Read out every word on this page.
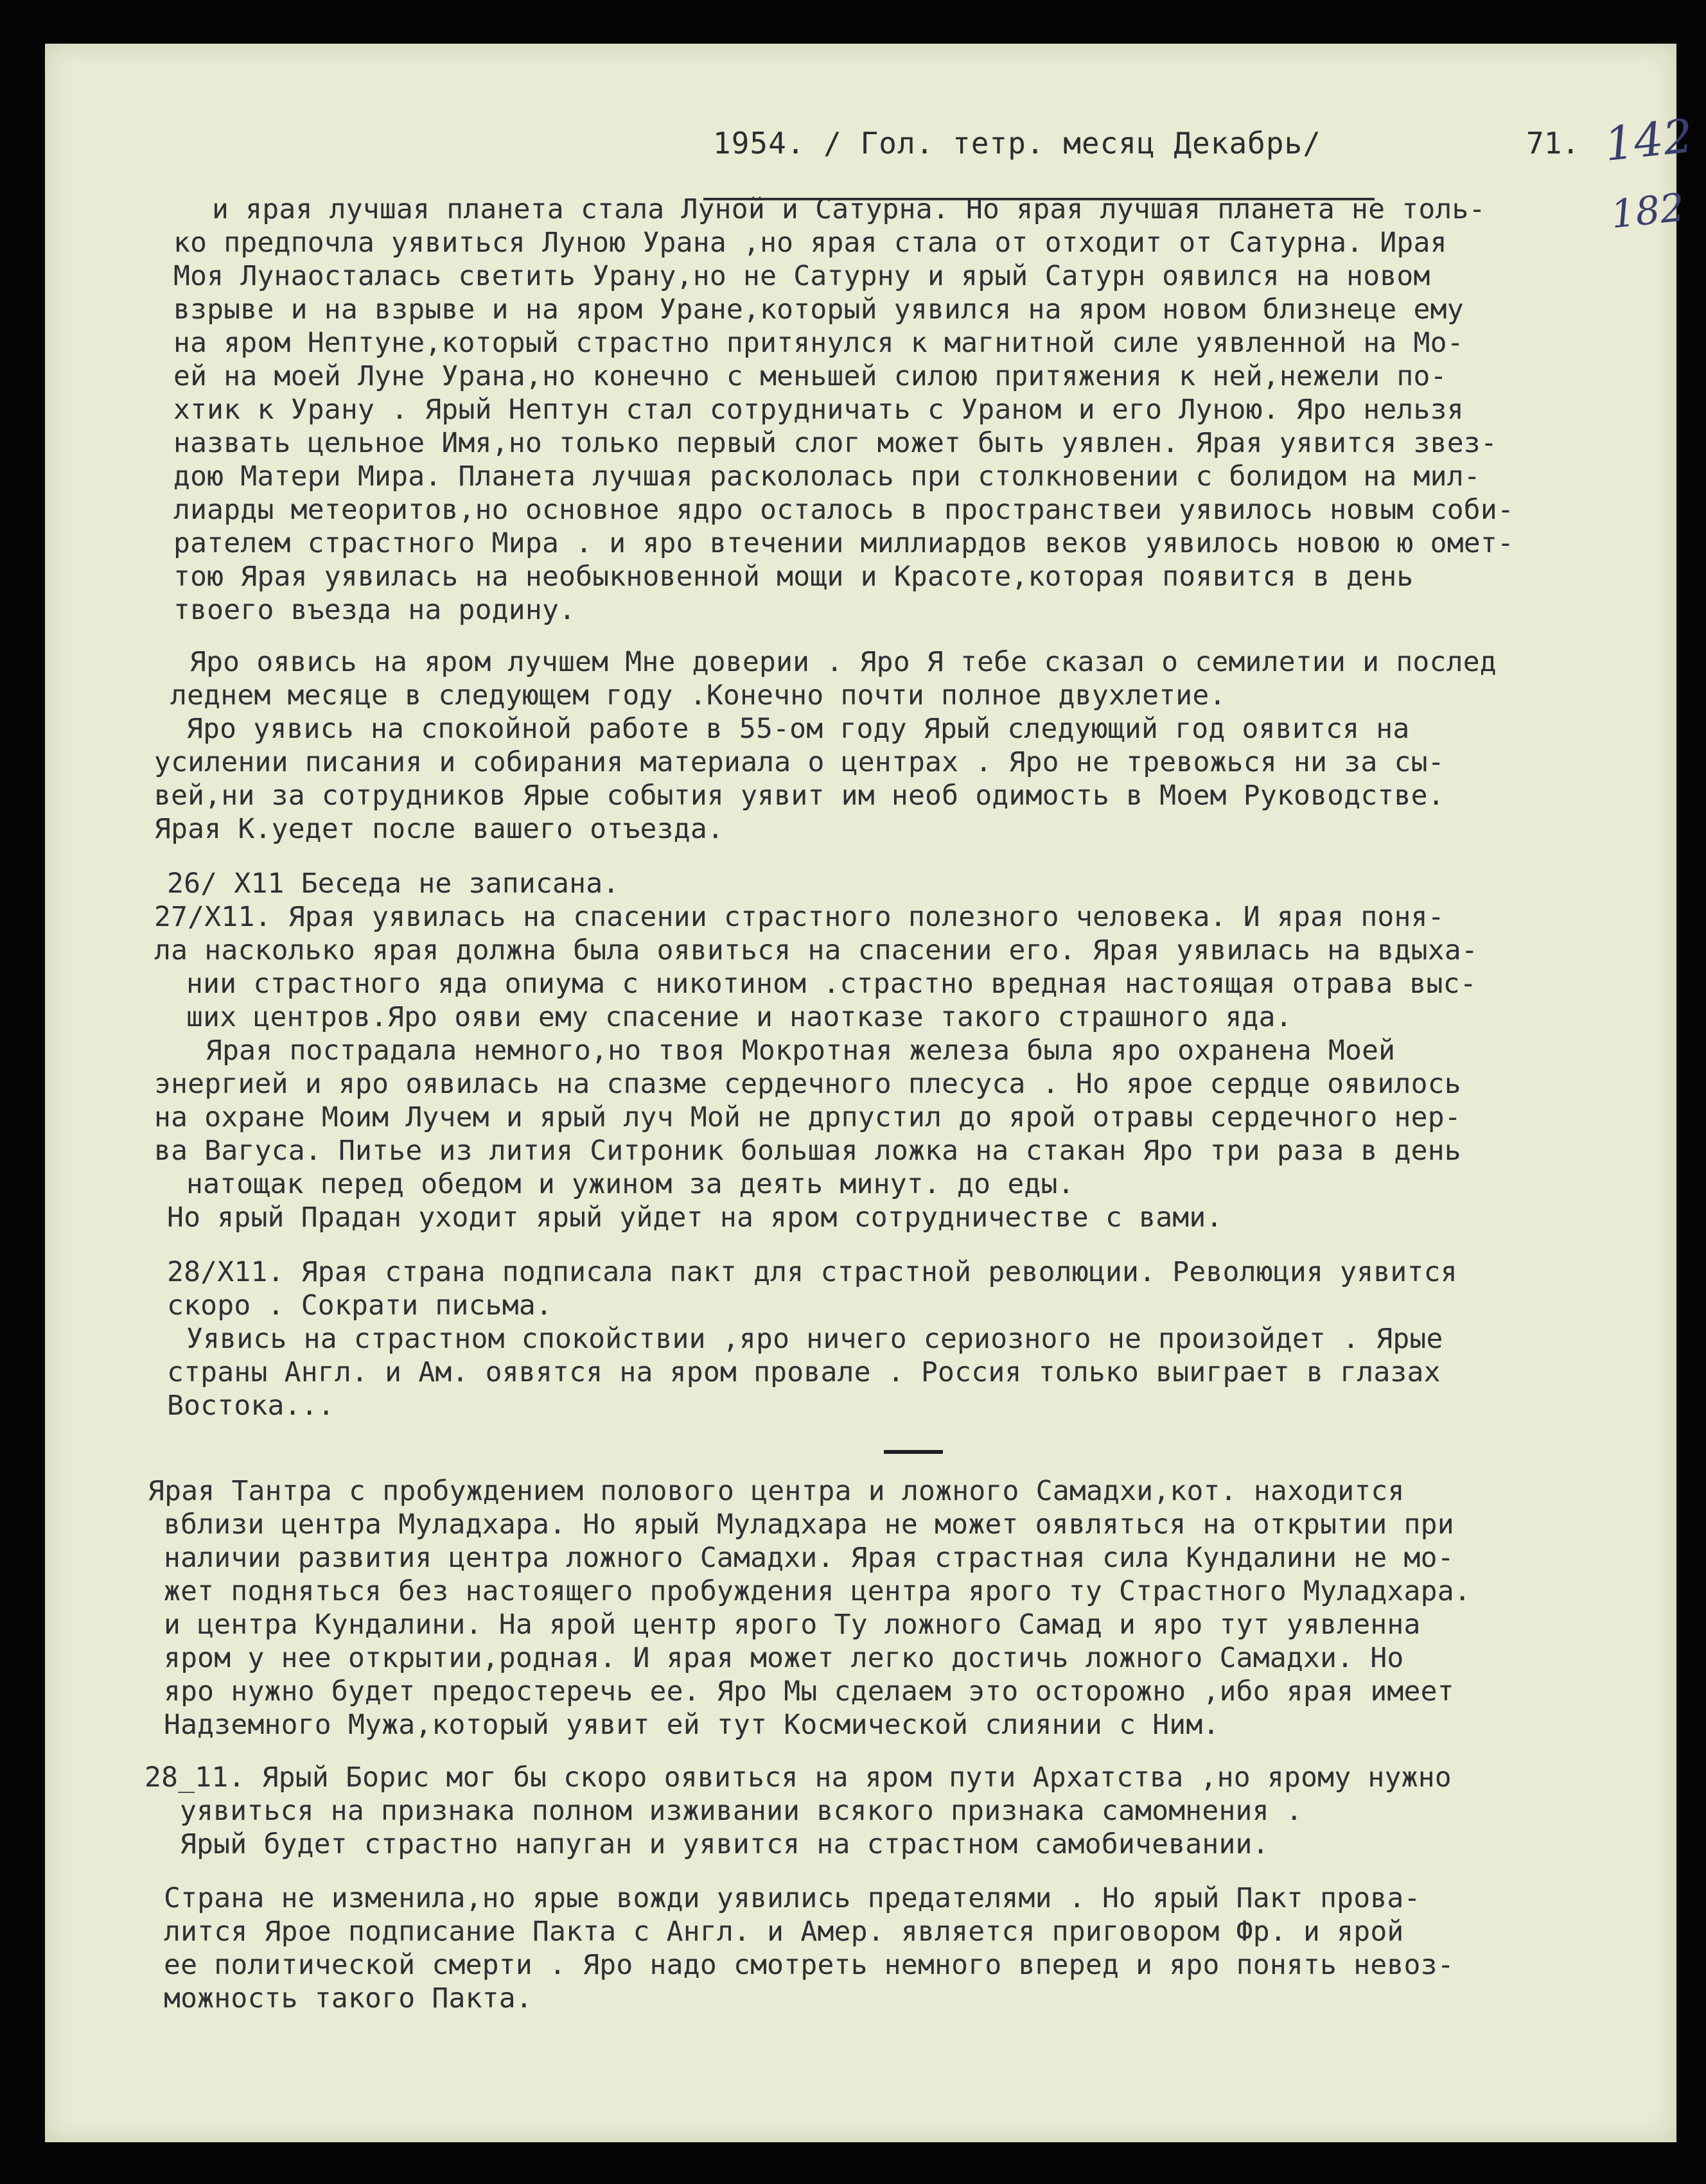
1954. / Гол. тетр. месяц Декабрь/	71. 142
182
и ярая лучшая планета стала Луной и Сатурна. Но ярая лучшая планета не толь-
ко предпочла уявиться Луною Урана ,но ярая стала от отходит от Сатурна. Ирая
Моя Лунаосталась светить Урану,но не Сатурну и ярый Сатурн оявился на новом
взрыве и на взрыве и на яром Уране,который уявился на яром новом близнеце ему
на яром Нептуне,который страстно притянулся к магнитной силе уявленной на Мо-
ей на моей Луне Урана,но конечно с меньшей силою притяжения к ней,нежели по-
хтик к Урану . Ярый Нептун стал сотрудничать с Ураном и его Луною. Яро нельзя
назвать цельное Имя,но только первый слог может быть уявлен. Ярая уявится звез-
дою Матери Мира. Планета лучшая раскололась при столкновении с болидом на мил-
лиарды метеоритов,но основное ядро осталось в пространствеи уявилось новым соби-
рателем страстного Мира . и яро втечении миллиардов веков уявилось новою ю омет-
тою Ярая уявилась на необыкновенной мощи и Красоте,которая появится в день
твоего въезда на родину.
Яро оявись на яром лучшем Мне доверии . Яро Я тебе сказал о семилетии и послед
леднем месяце в следующем году .Конечно почти полное двухлетие.
Яро уявись на спокойной работе в 55-ом году Ярый следующий год оявится на
усилении писания и собирания материала о центрах . Яро не тревожься ни за сы-
вей,ни за сотрудников Ярые события уявит им необ одимость в Моем Руководстве.
Ярая К.уедет после вашего отъезда.
26/ Х11 Беседа не записана.
27/Х11. Ярая уявилась на спасении страстного полезного человека. И ярая поня-
ла насколько ярая должна была оявиться на спасении его. Ярая уявилась на вдыха-
нии страстного яда опиума с никотином .страстно вредная настоящая отрава выс-
ших центров.Яро ояви ему спасение и наотказе такого страшного яда.
Ярая пострадала немного,но твоя Мокротная железа была яро охранена Моей
энергией и яро оявилась на спазме сердечного плесуса . Но ярое сердце оявилось
на охране Моим Лучем и ярый луч Мой не дрпустил до ярой отравы сердечного нер-
ва Вагуса. Питье из лития Ситроник большая ложка на стакан Яро три раза в день
натощак перед обедом и ужином за деять минут. до еды.
Но ярый Прадан уходит ярый уйдет на яром сотрудничестве с вами.
28/Х11. Ярая страна подписала пакт для страстной революции. Революция уявится
скоро . Сократи письма.
Уявись на страстном спокойствии ,яро ничего сериозного не произойдет . Ярые
страны Англ. и Ам. оявятся на яром провале . Россия только выиграет в глазах
Востока...
Ярая Тантра с пробуждением полового центра и ложного Самадхи,кот. находится
вблизи центра Муладхара. Но ярый Муладхара не может оявляться на открытии при
наличии развития центра ложного Самадхи. Ярая страстная сила Кундалини не мо-
жет подняться без настоящего пробуждения центра ярого ту Страстного Муладхара.
и центра Кундалини. На ярой центр ярого Ту ложного Самад и яро тут уявленна
яром у нее открытии,родная. И ярая может легко достичь ложного Самадхи. Но
яро нужно будет предостеречь ее. Яро Мы сделаем это осторожно ,ибо ярая имеет
Надземного Мужа,который уявит ей тут Космической слиянии с Ним.
28_11. Ярый Борис мог бы скоро оявиться на яром пути Архатства ,но ярому нужно
уявиться на признака полном изживании всякого признака самомнения .
Ярый будет страстно напуган и уявится на страстном самобичевании.
Страна не изменила,но ярые вожди уявились предателями . Но ярый Пакт провa-
лится Ярое подписание Пакта с Англ. и Амер. является приговором Фр. и ярой
ее политической смерти . Яро надо смотреть немного вперед и яро понять невоз-
можность такого Пакта.
